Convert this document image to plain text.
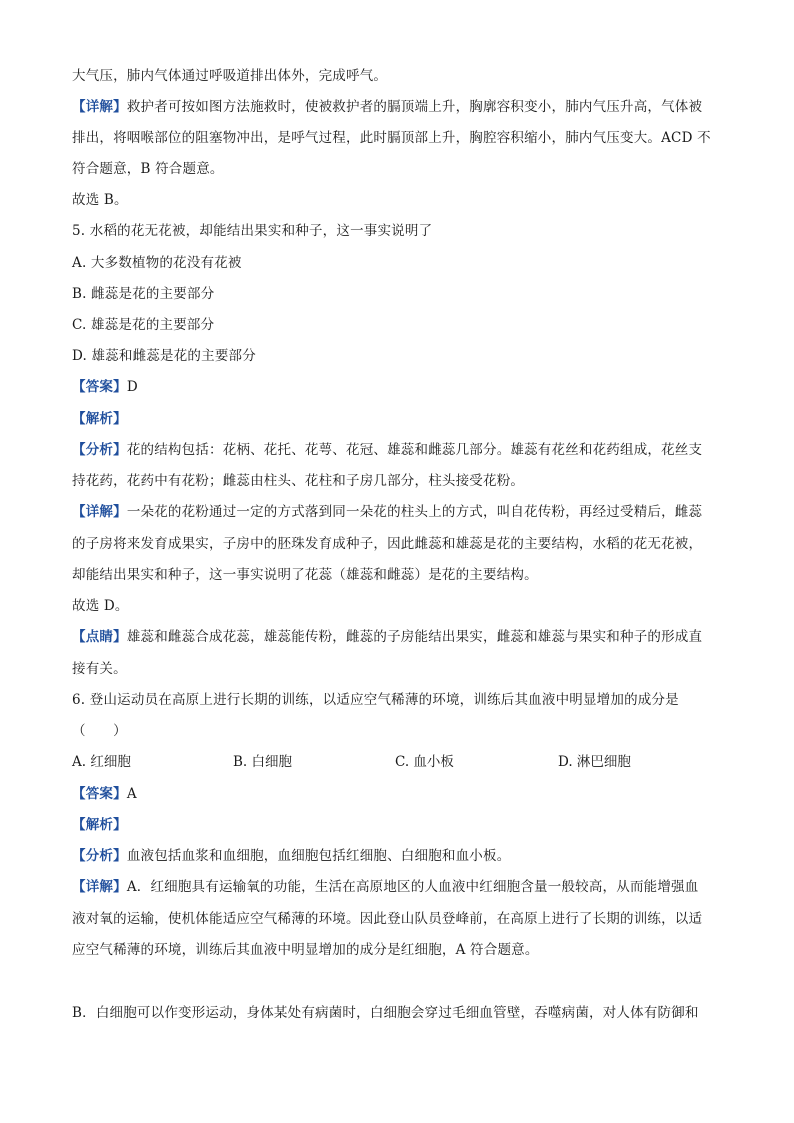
大气压，肺内气体通过呼吸道排出体外，完成呼气。
【详解】救护者可按如图方法施救时，使被救护者的膈顶端上升，胸廓容积变小，肺内气压升高，气体被
排出，将咽喉部位的阻塞物冲出，是呼气过程，此时膈顶部上升，胸腔容积缩小，肺内气压变大。ACD 不
符合题意，B 符合题意。
故选 B。
5. 水稻的花无花被，却能结出果实和种子，这一事实说明了
A. 大多数植物的花没有花被
B. 雌蕊是花的主要部分
C. 雄蕊是花的主要部分
D. 雄蕊和雌蕊是花的主要部分
【答案】D
【解析】
【分析】花的结构包括：花柄、花托、花萼、花冠、雄蕊和雌蕊几部分。雄蕊有花丝和花药组成，花丝支
持花药，花药中有花粉；雌蕊由柱头、花柱和子房几部分，柱头接受花粉。
【详解】一朵花的花粉通过一定的方式落到同一朵花的柱头上的方式，叫自花传粉，再经过受精后，雌蕊
的子房将来发育成果实，子房中的胚珠发育成种子，因此雌蕊和雄蕊是花的主要结构，水稻的花无花被，
却能结出果实和种子，这一事实说明了花蕊（雄蕊和雌蕊）是花的主要结构。
故选 D。
【点睛】雄蕊和雌蕊合成花蕊，雄蕊能传粉，雌蕊的子房能结出果实，雌蕊和雄蕊与果实和种子的形成直
接有关。
6. 登山运动员在高原上进行长期的训练，以适应空气稀薄的环境，训练后其血液中明显增加的成分是
（　　）
A. 红细胞	B. 白细胞	C. 血小板	D. 淋巴细胞
【答案】A
【解析】
【分析】血液包括血浆和血细胞，血细胞包括红细胞、白细胞和血小板。
【详解】A．红细胞具有运输氧的功能，生活在高原地区的人血液中红细胞含量一般较高，从而能增强血
液对氧的运输，使机体能适应空气稀薄的环境。因此登山队员登峰前，在高原上进行了长期的训练，以适
应空气稀薄的环境，训练后其血液中明显增加的成分是红细胞，A 符合题意。
B．白细胞可以作变形运动，身体某处有病菌时，白细胞会穿过毛细血管壁，吞噬病菌，对人体有防御和
